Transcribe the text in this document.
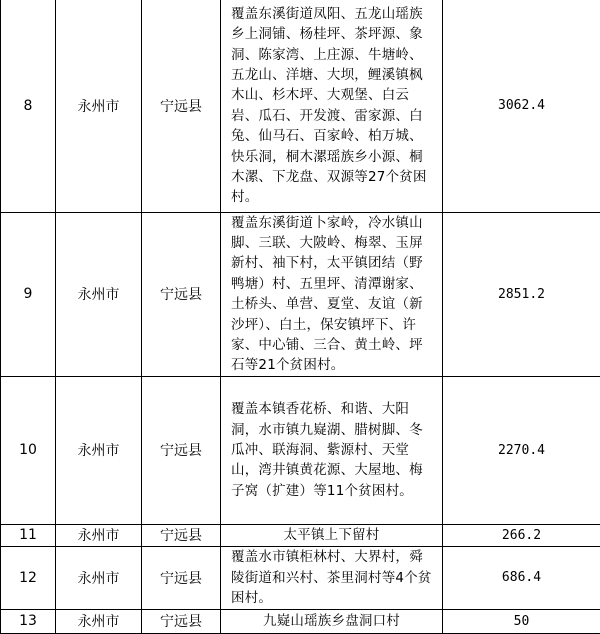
8	永州市	宁远县	覆盖东溪街道凤阳、五龙山瑶族乡上洞铺、杨桂坪、茶坪源、象洞、陈家湾、上庄源、牛塘岭、五龙山、洋塘、大坝，鲤溪镇枫木山、杉木坪、大观堡、白云岩、瓜石、开发渡、雷家源、白兔、仙马石、百家岭、柏万城、快乐洞，桐木漯瑶族乡小源、桐木漯、下龙盘、双源等27个贫困村。	3062.4
9	永州市	宁远县	覆盖东溪街道卜家岭，冷水镇山脚、三联、大陂岭、梅翠、玉屏新村、袖下村，太平镇团结（野鸭塘）村、五里坪、清潭谢家、土桥头、单营、夏堂、友谊（新沙坪）、白土，保安镇坪下、许家、中心铺、三合、黄土岭、坪石等21个贫困村。	2851.2
10	永州市	宁远县	覆盖本镇香花桥、和谐、大阳洞，水市镇九嶷湖、腊树脚、冬瓜冲、联海洞、紫源村、天堂山，湾井镇黄花源、大屋地、梅子窝（扩建）等11个贫困村。	2270.4
11	永州市	宁远县	太平镇上下留村	266.2
12	永州市	宁远县	覆盖水市镇柜林村、大界村，舜陵街道和兴村、茶里洞村等4个贫困村。	686.4
13	永州市	宁远县	九嶷山瑶族乡盘洞口村	50
